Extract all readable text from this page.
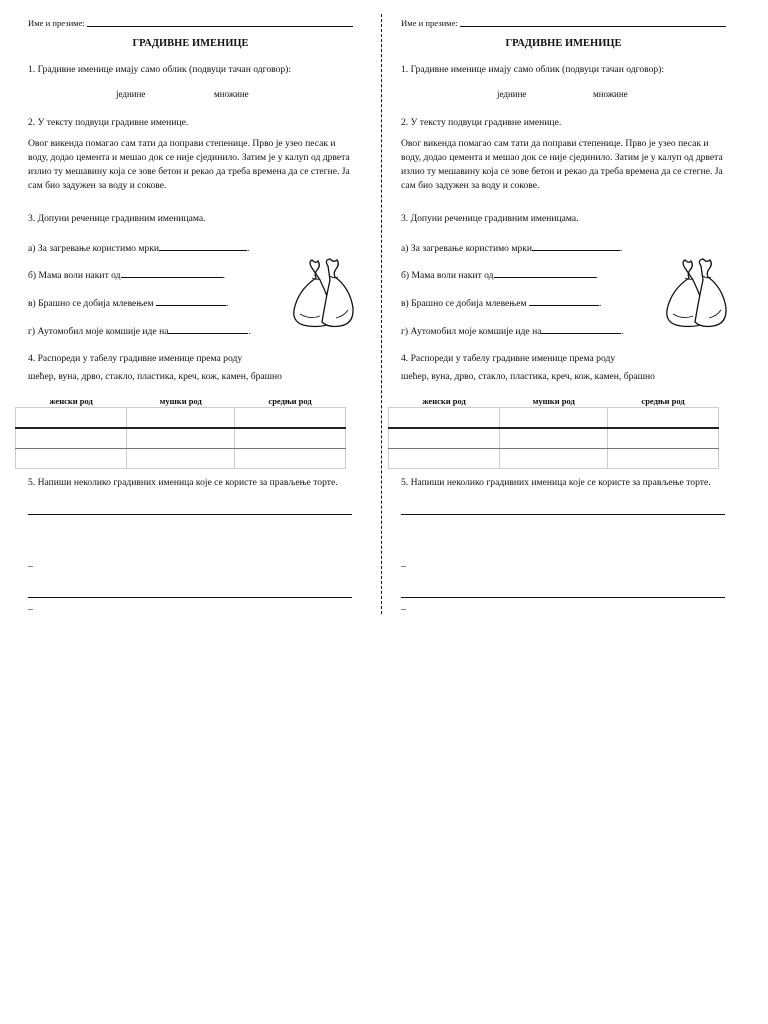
Име и презиме:
ГРАДИВНЕ ИМЕНИЦЕ
1. Градивне именице имају само облик (подвуци тачан одговор):
једнине	множине
2. У тексту подвуци градивне именице.
Овог викенда помагао сам тати да поправи степенице. Прво је узео песак и воду, додао цемента и мешао док се није сјединило. Затим је у калуп од дрвета излио ту мешавину која се зове бетон и рекао да треба времена да се стегне. Ја сам био задужен за воду и сокове.
3. Допуни реченице градивним именицама.
а) За загревање користимо мрки	.
б) Мама воли накит од	.
в) Брашно се добија млевењем	.
г) Аутомобил моје комшије иде на	.
4. Распореди у табелу градивне именице према роду
шећер, вуна, дрво, стакло, пластика, креч, кож, камен, брашно
женски род	мушки род	средњи род

5. Напиши неколико градивних именица које се користе за прављење торте.
–
–
Име и презиме:
ГРАДИВНЕ ИМЕНИЦЕ
1. Градивне именице имају само облик (подвуци тачан одговор):
једнине	множине
2. У тексту подвуци градивне именице.
Овог викенда помагао сам тати да поправи степенице. Прво је узео песак и воду, додао цемента и мешао док се није сјединило. Затим је у калуп од дрвета излио ту мешавину која се зове бетон и рекао да треба времена да се стегне. Ја сам био задужен за воду и сокове.
3. Допуни реченице градивним именицама.
а) За загревање користимо мрки	.
б) Мама воли накит од	.
в) Брашно се добија млевењем	.
г) Аутомобил моје комшије иде на	.
4. Распореди у табелу градивне именице према роду
шећер, вуна, дрво, стакло, пластика, креч, кож, камен, брашно
женски род	мушки род	средњи род

5. Напиши неколико градивних именица које се користе за прављење торте.
–
–
